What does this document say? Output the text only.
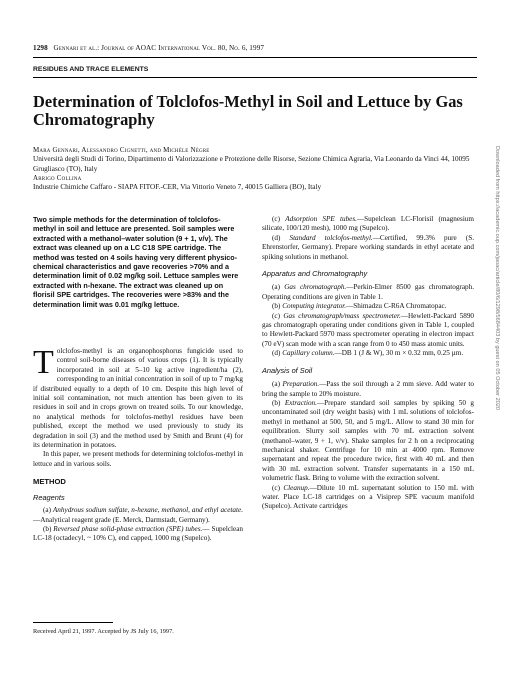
1298 Gennari et al.: Journal of AOAC International Vol. 80, No. 6, 1997
RESIDUES AND TRACE ELEMENTS
Determination of Tolclofos-Methyl in Soil and Lettuce by Gas Chromatography
Mara Gennari, Alessandro Cignetti, and Michèle Nègre
Università degli Studi di Torino, Dipartimento di Valorizzazione e Protezione delle Risorse, Sezione Chimica Agraria, Via Leonardo da Vinci 44, 10095 Grugliasco (TO), Italy
Arrigo Collina
Industrie Chimiche Caffaro - SIAPA FITOF.-CER, Via Vittorio Veneto 7, 40015 Galliera (BO), Italy
Two simple methods for the determination of tolclofos-methyl in soil and lettuce are presented. Soil samples were extracted with a methanol–water solution (9 + 1, v/v). The extract was cleaned up on a LC C18 SPE cartridge. The method was tested on 4 soils having very different physico-chemical characteristics and gave recoveries >70% and a determination limit of 0.02 mg/kg soil. Lettuce samples were extracted with n-hexane. The extract was cleaned up on florisil SPE cartridges. The recoveries were >83% and the determination limit was 0.01 mg/kg lettuce.

Tolclofos-methyl is an organophosphorus fungicide used to control soil-borne diseases of various crops (1). It is typically incorporated in soil at 5–10 kg active ingredient/ha (2), corresponding to an initial concentration in soil of up to 7 mg/kg if distributed equally to a depth of 10 cm. Despite this high level of initial soil contamination, not much attention has been given to its residues in soil and in crops grown on treated soils. To our knowledge, no analytical methods for tolclofos-methyl residues have been published, except the method we used previously to study its degradation in soil (3) and the method used by Smith and Brunt (4) for its determination in potatoes.

In this paper, we present methods for determining tolclofos-methyl in lettuce and in various soils.

METHOD
Reagents

(a) Anhydrous sodium sulfate, n-hexane, methanol, and ethyl acetate.—Analytical reagent grade (E. Merck, Darmstadt, Germany).

(b) Reversed phase solid-phase extraction (SPE) tubes.— Supelclean LC-18 (octadecyl, ~ 10% C), end capped, 1000 mg (Supelco).

Received April 21, 1997. Accepted by JS July 16, 1997.

(c) Adsorption SPE tubes.—Supelclean LC-Florisil (magnesium silicate, 100/120 mesh), 1000 mg (Supelco).

(d) Standard tolclofos-methyl.—Certified, 99.3% pure (S. Ehrenstorfer, Germany). Prepare working standards in ethyl acetate and spiking solutions in methanol.

Apparatus and Chromatography

(a) Gas chromatograph.—Perkin-Elmer 8500 gas chromatograph. Operating conditions are given in Table 1.

(b) Computing integrator.—Shimadzu C-R6A Chromatopac.

(c) Gas chromatograph/mass spectrometer.—Hewlett-Packard 5890 gas chromatograph operating under conditions given in Table 1, coupled to Hewlett-Packard 5970 mass spectrometer operating in electron impact (70 eV) scan mode with a scan range from 0 to 450 mass atomic units.

(d) Capillary column.—DB 1 (J & W), 30 m × 0.32 mm, 0.25 µm.

Analysis of Soil

(a) Preparation.—Pass the soil through a 2 mm sieve. Add water to bring the sample to 20% moisture.

(b) Extraction.—Prepare standard soil samples by spiking 50 g uncontaminated soil (dry weight basis) with 1 mL solutions of tolclofos-methyl in methanol at 500, 50, and 5 mg/L. Allow to stand 30 min for equilibration. Slurry soil samples with 70 mL extraction solvent (methanol–water, 9 + 1, v/v). Shake samples for 2 h on a reciprocating mechanical shaker. Centrifuge for 10 min at 4000 rpm. Remove supernatant and repeat the procedure twice, first with 40 mL and then with 30 mL extraction solvent. Transfer supernatants in a 150 mL volumetric flask. Bring to volume with the extraction solvent.

(c) Cleanup.—Dilute 10 mL supernatant solution to 150 mL with water. Place LC-18 cartridges on a Visiprep SPE vacuum manifold (Supelco). Activate cartridges

Downloaded from https://academic.oup.com/jaoac/article/80/6/1298/5684403 by guest on 05 October 2020
